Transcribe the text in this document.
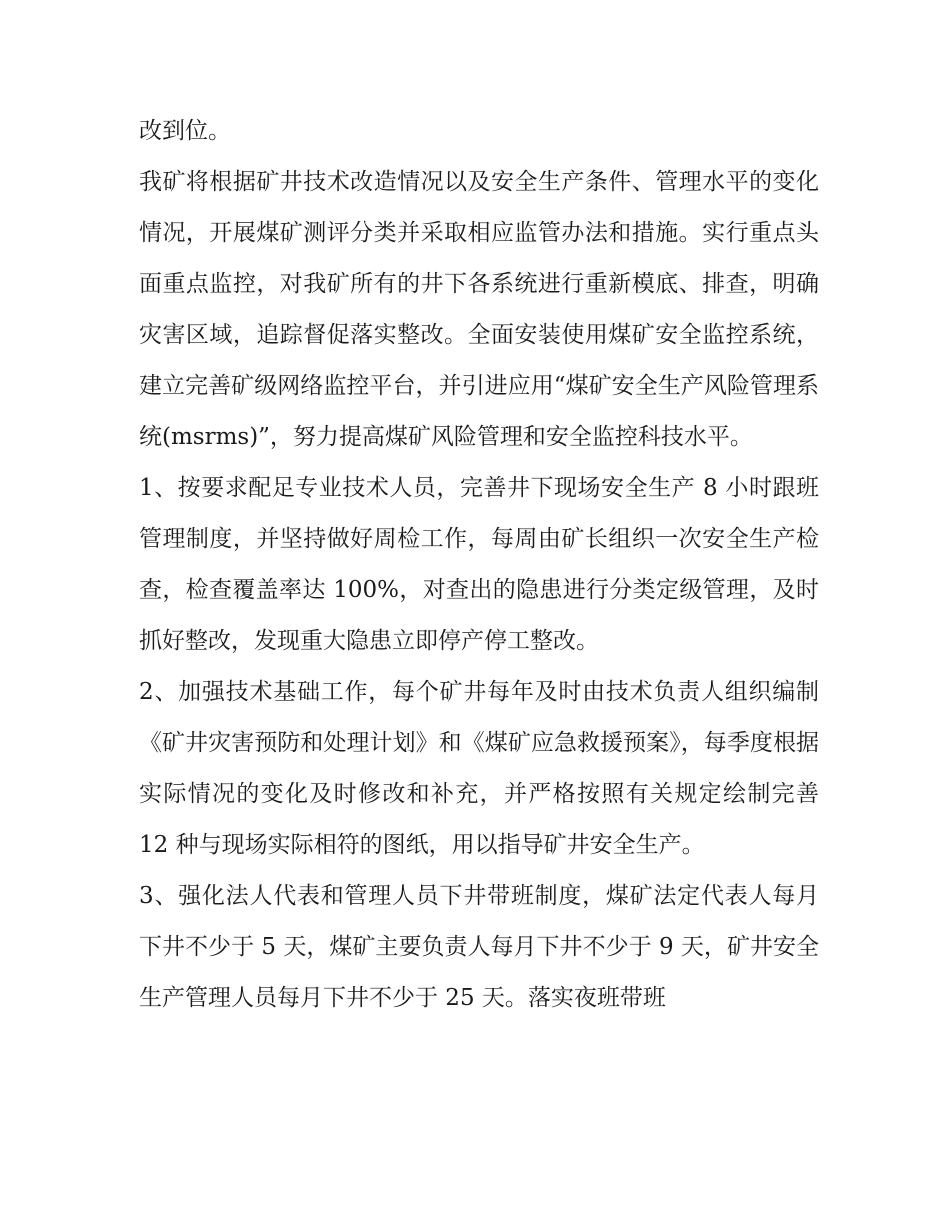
改到位。

我矿将根据矿井技术改造情况以及安全生产条件、管理水平的变化情况，开展煤矿测评分类并采取相应监管办法和措施。实行重点头面重点监控，对我矿所有的井下各系统进行重新模底、排查，明确灾害区域，追踪督促落实整改。全面安装使用煤矿安全监控系统，建立完善矿级网络监控平台，并引进应用“煤矿安全生产风险管理系统(msrms)”，努力提高煤矿风险管理和安全监控科技水平。

1、按要求配足专业技术人员，完善井下现场安全生产 8 小时跟班管理制度，并坚持做好周检工作，每周由矿长组织一次安全生产检查，检查覆盖率达 100%，对查出的隐患进行分类定级管理，及时抓好整改，发现重大隐患立即停产停工整改。

2、加强技术基础工作，每个矿井每年及时由技术负责人组织编制《矿井灾害预防和处理计划》和《煤矿应急救援预案》，每季度根据实际情况的变化及时修改和补充，并严格按照有关规定绘制完善 12 种与现场实际相符的图纸，用以指导矿井安全生产。

3、强化法人代表和管理人员下井带班制度，煤矿法定代表人每月下井不少于 5 天，煤矿主要负责人每月下井不少于 9 天，矿井安全生产管理人员每月下井不少于 25 天。落实夜班带班
